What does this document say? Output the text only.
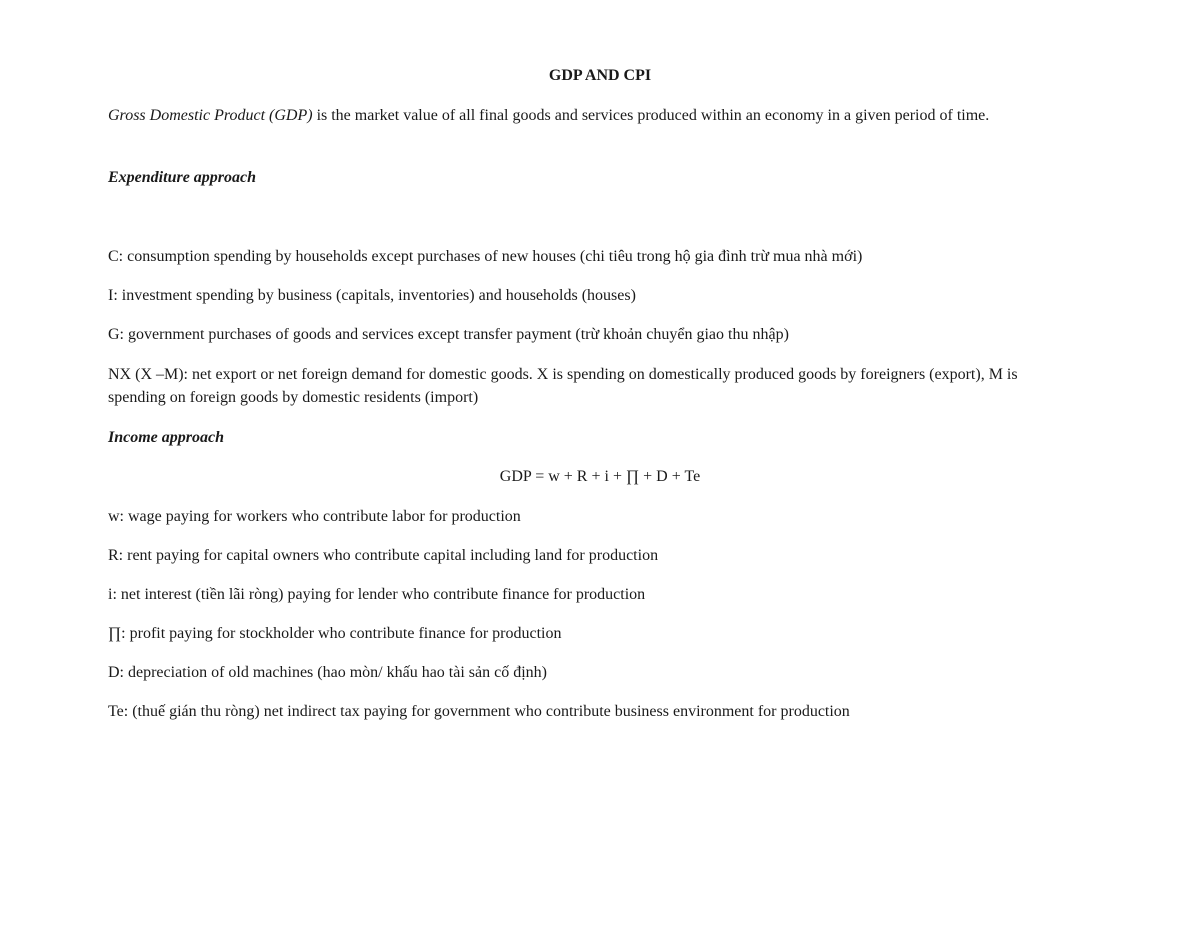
GDP AND CPI
Gross Domestic Product (GDP) is the market value of all final goods and services produced within an economy in a given period of time.
Expenditure approach
C: consumption spending by households except purchases of new houses (chi tiêu trong hộ gia đình trừ mua nhà mới)
I: investment spending by business (capitals, inventories) and households (houses)
G: government purchases of goods and services except transfer payment (trừ khoản chuyển giao thu nhập)
NX (X –M): net export or net foreign demand for domestic goods. X is spending on domestically produced goods by foreigners (export), M is spending on foreign goods by domestic residents (import)
Income approach
GDP = w + R + i + ∏ + D + Te
w: wage paying for workers who contribute labor for production
R: rent paying for capital owners who contribute capital including land for production
i: net interest (tiền lãi ròng) paying for lender who contribute finance for production
∏: profit paying for stockholder who contribute finance for production
D: depreciation of old machines (hao mòn/ khấu hao tài sản cố định)
Te: (thuế gián thu ròng) net indirect tax paying for government who contribute business environment for production
